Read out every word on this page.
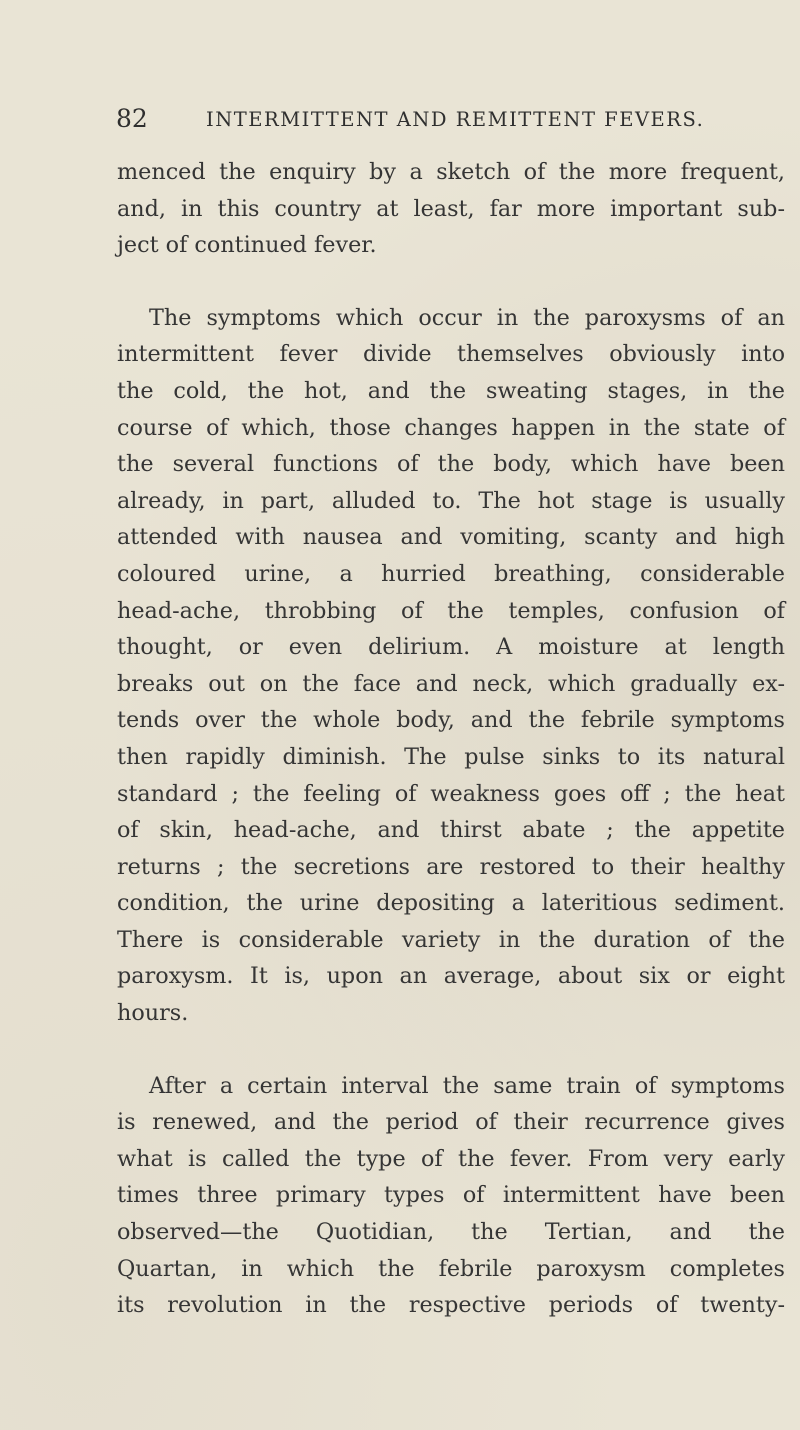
82	INTERMITTENT AND REMITTENT FEVERS.

menced the enquiry by a sketch of the more frequent,
and, in this country at least, far more important sub-
ject of continued fever.

The symptoms which occur in the paroxysms of an
intermittent fever divide themselves obviously into
the cold, the hot, and the sweating stages, in the
course of which, those changes happen in the state of
the several functions of the body, which have been
already, in part, alluded to. The hot stage is usually
attended with nausea and vomiting, scanty and high
coloured urine, a hurried breathing, considerable
head-ache, throbbing of the temples, confusion of
thought, or even delirium. A moisture at length
breaks out on the face and neck, which gradually ex-
tends over the whole body, and the febrile symptoms
then rapidly diminish. The pulse sinks to its natural
standard ; the feeling of weakness goes off ; the heat
of skin, head-ache, and thirst abate ; the appetite
returns ; the secretions are restored to their healthy
condition, the urine depositing a lateritious sediment.
There is considerable variety in the duration of the
paroxysm. It is, upon an average, about six or eight
hours.

After a certain interval the same train of symptoms
is renewed, and the period of their recurrence gives
what is called the type of the fever. From very early
times three primary types of intermittent have been
observed—the Quotidian, the Tertian, and the
Quartan, in which the febrile paroxysm completes
its revolution in the respective periods of twenty-
